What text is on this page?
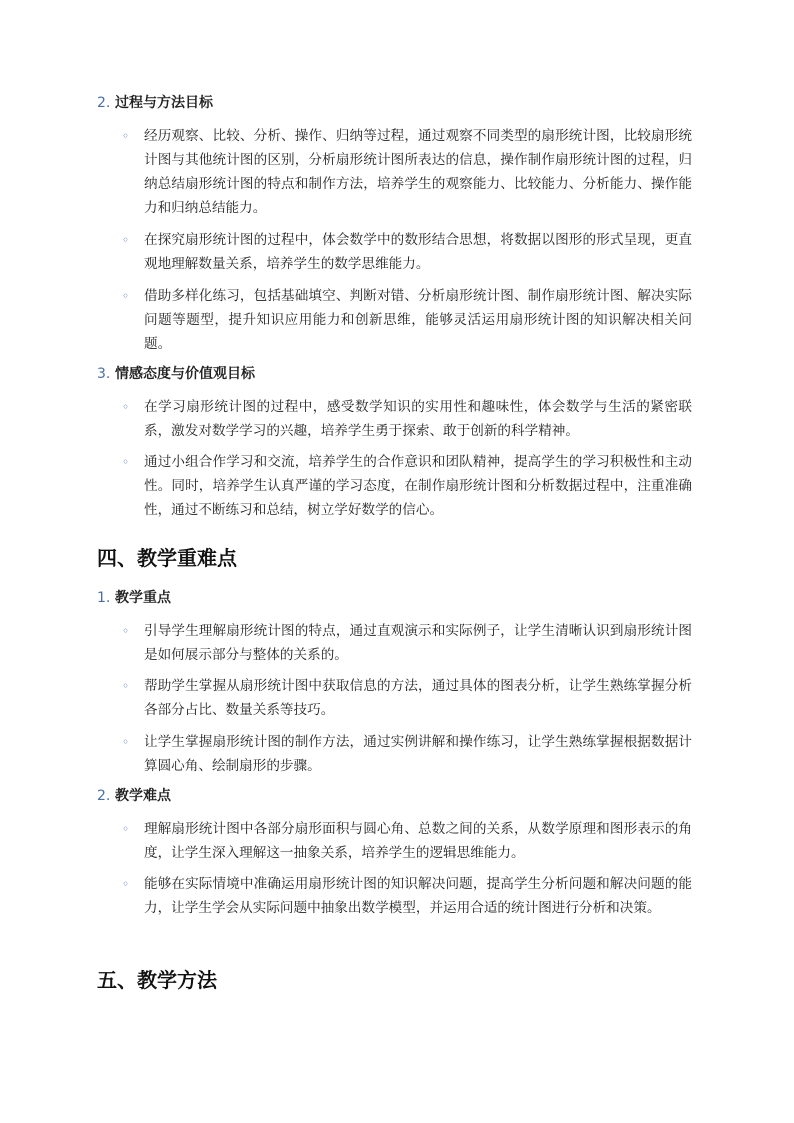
2. 过程与方法目标
◦ 经历观察、比较、分析、操作、归纳等过程，通过观察不同类型的扇形统计图，比较扇形统计图与其他统计图的区别，分析扇形统计图所表达的信息，操作制作扇形统计图的过程，归纳总结扇形统计图的特点和制作方法，培养学生的观察能力、比较能力、分析能力、操作能力和归纳总结能力。
◦ 在探究扇形统计图的过程中，体会数学中的数形结合思想，将数据以图形的形式呈现，更直观地理解数量关系，培养学生的数学思维能力。
◦ 借助多样化练习，包括基础填空、判断对错、分析扇形统计图、制作扇形统计图、解决实际问题等题型，提升知识应用能力和创新思维，能够灵活运用扇形统计图的知识解决相关问题。
3. 情感态度与价值观目标
◦ 在学习扇形统计图的过程中，感受数学知识的实用性和趣味性，体会数学与生活的紧密联系，激发对数学学习的兴趣，培养学生勇于探索、敢于创新的科学精神。
◦ 通过小组合作学习和交流，培养学生的合作意识和团队精神，提高学生的学习积极性和主动性。同时，培养学生认真严谨的学习态度，在制作扇形统计图和分析数据过程中，注重准确性，通过不断练习和总结，树立学好数学的信心。
四、教学重难点
1. 教学重点
◦ 引导学生理解扇形统计图的特点，通过直观演示和实际例子，让学生清晰认识到扇形统计图是如何展示部分与整体的关系的。
◦ 帮助学生掌握从扇形统计图中获取信息的方法，通过具体的图表分析，让学生熟练掌握分析各部分占比、数量关系等技巧。
◦ 让学生掌握扇形统计图的制作方法，通过实例讲解和操作练习，让学生熟练掌握根据数据计算圆心角、绘制扇形的步骤。
2. 教学难点
◦ 理解扇形统计图中各部分扇形面积与圆心角、总数之间的关系，从数学原理和图形表示的角度，让学生深入理解这一抽象关系，培养学生的逻辑思维能力。
◦ 能够在实际情境中准确运用扇形统计图的知识解决问题，提高学生分析问题和解决问题的能力，让学生学会从实际问题中抽象出数学模型，并运用合适的统计图进行分析和决策。
五、教学方法
